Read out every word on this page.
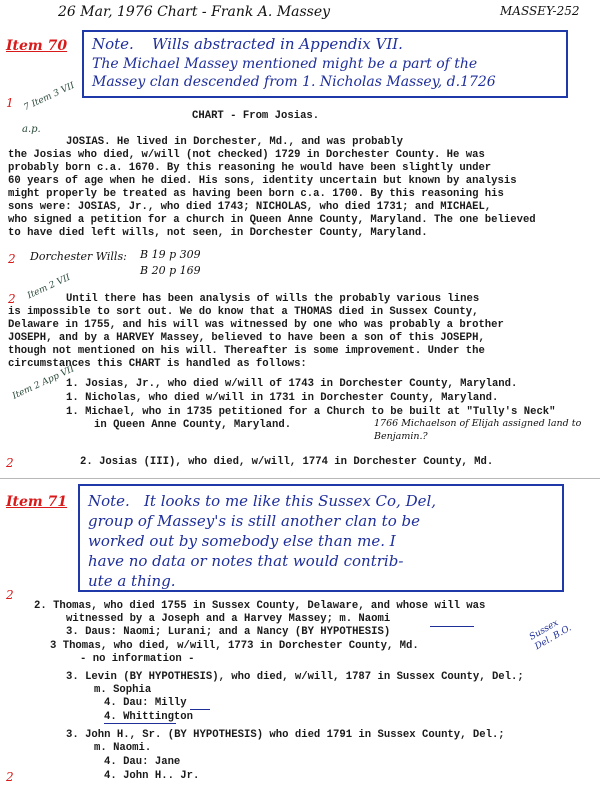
26 Mar, 1976 Chart - Frank A. Massey	MASSEY-252
Item 70 Note. Wills abstracted in Appendix VII.
The Michael Massey mentioned might be a part of the
Massey clan descended from 1. Nicholas Massey, d.1726
1 7 Item 3 VII
a.p.
CHART - From Josias.
JOSIAS. He lived in Dorchester, Md., and was probably
the Josias who died, w/will (not checked) 1729 in Dorchester County. He was
probably born c.a. 1670. By this reasoning he would have been slightly under
60 years of age when he died. His sons, identity uncertain but known by analysis
might properly be treated as having been born c.a. 1700. By this reasoning his
sons were: JOSIAS, Jr., who died 1743; NICHOLAS, who died 1731; and MICHAEL,
who signed a petition for a church in Queen Anne County, Maryland. The one believed
to have died left wills, not seen, in Dorchester County, Maryland.
2 Dorchester Wills: B 19 p 309
B 20 p 169
2 Item 2 VII
Until there has been analysis of wills the probably various lines
is impossible to sort out. We do know that a THOMAS died in Sussex County,
Delaware in 1755, and his will was witnessed by one who was probably a brother
JOSEPH, and by a HARVEY Massey, believed to have been a son of this JOSEPH,
though not mentioned on his will. Thereafter is some improvement. Under the
circumstances this CHART is handled as follows:
Item 2 App VII
1. Josias, Jr., who died w/will of 1743 in Dorchester County, Maryland.
1. Nicholas, who died w/will in 1731 in Dorchester County, Maryland.
1. Michael, who in 1735 petitioned for a Church to be built at "Tully's Neck"
in Queen Anne County, Maryland.	1766 Michaelson of Elijah assigned land to Benjamin.?
2	2. Josias (III), who died, w/will, 1774 in Dorchester County, Md.
Item 71 Note. It looks to me like this Sussex Co, Del,
group of Massey's is still another clan to be
worked out by somebody else than me. I
have no data or notes that would contrib-
ute a thing.
2
2. Thomas, who died 1755 in Sussex County, Delaware, and whose will was
witnessed by a Joseph and a Harvey Massey; m. Naomi
3. Daus: Naomi; Lurani; and a Nancy (BY HYPOTHESIS)	Sussex Del. B.O.
3 Thomas, who died, w/will, 1773 in Dorchester County, Md.
- no information -
3. Levin (BY HYPOTHESIS), who died, w/will, 1787 in Sussex County, Del.;
m. Sophia
4. Dau: Milly
4. Whittington
3. John H., Sr. (BY HYPOTHESIS) who died 1791 in Sussex County, Del.;
m. Naomi.
4. Dau: Jane
4. John H.. Jr.
2
